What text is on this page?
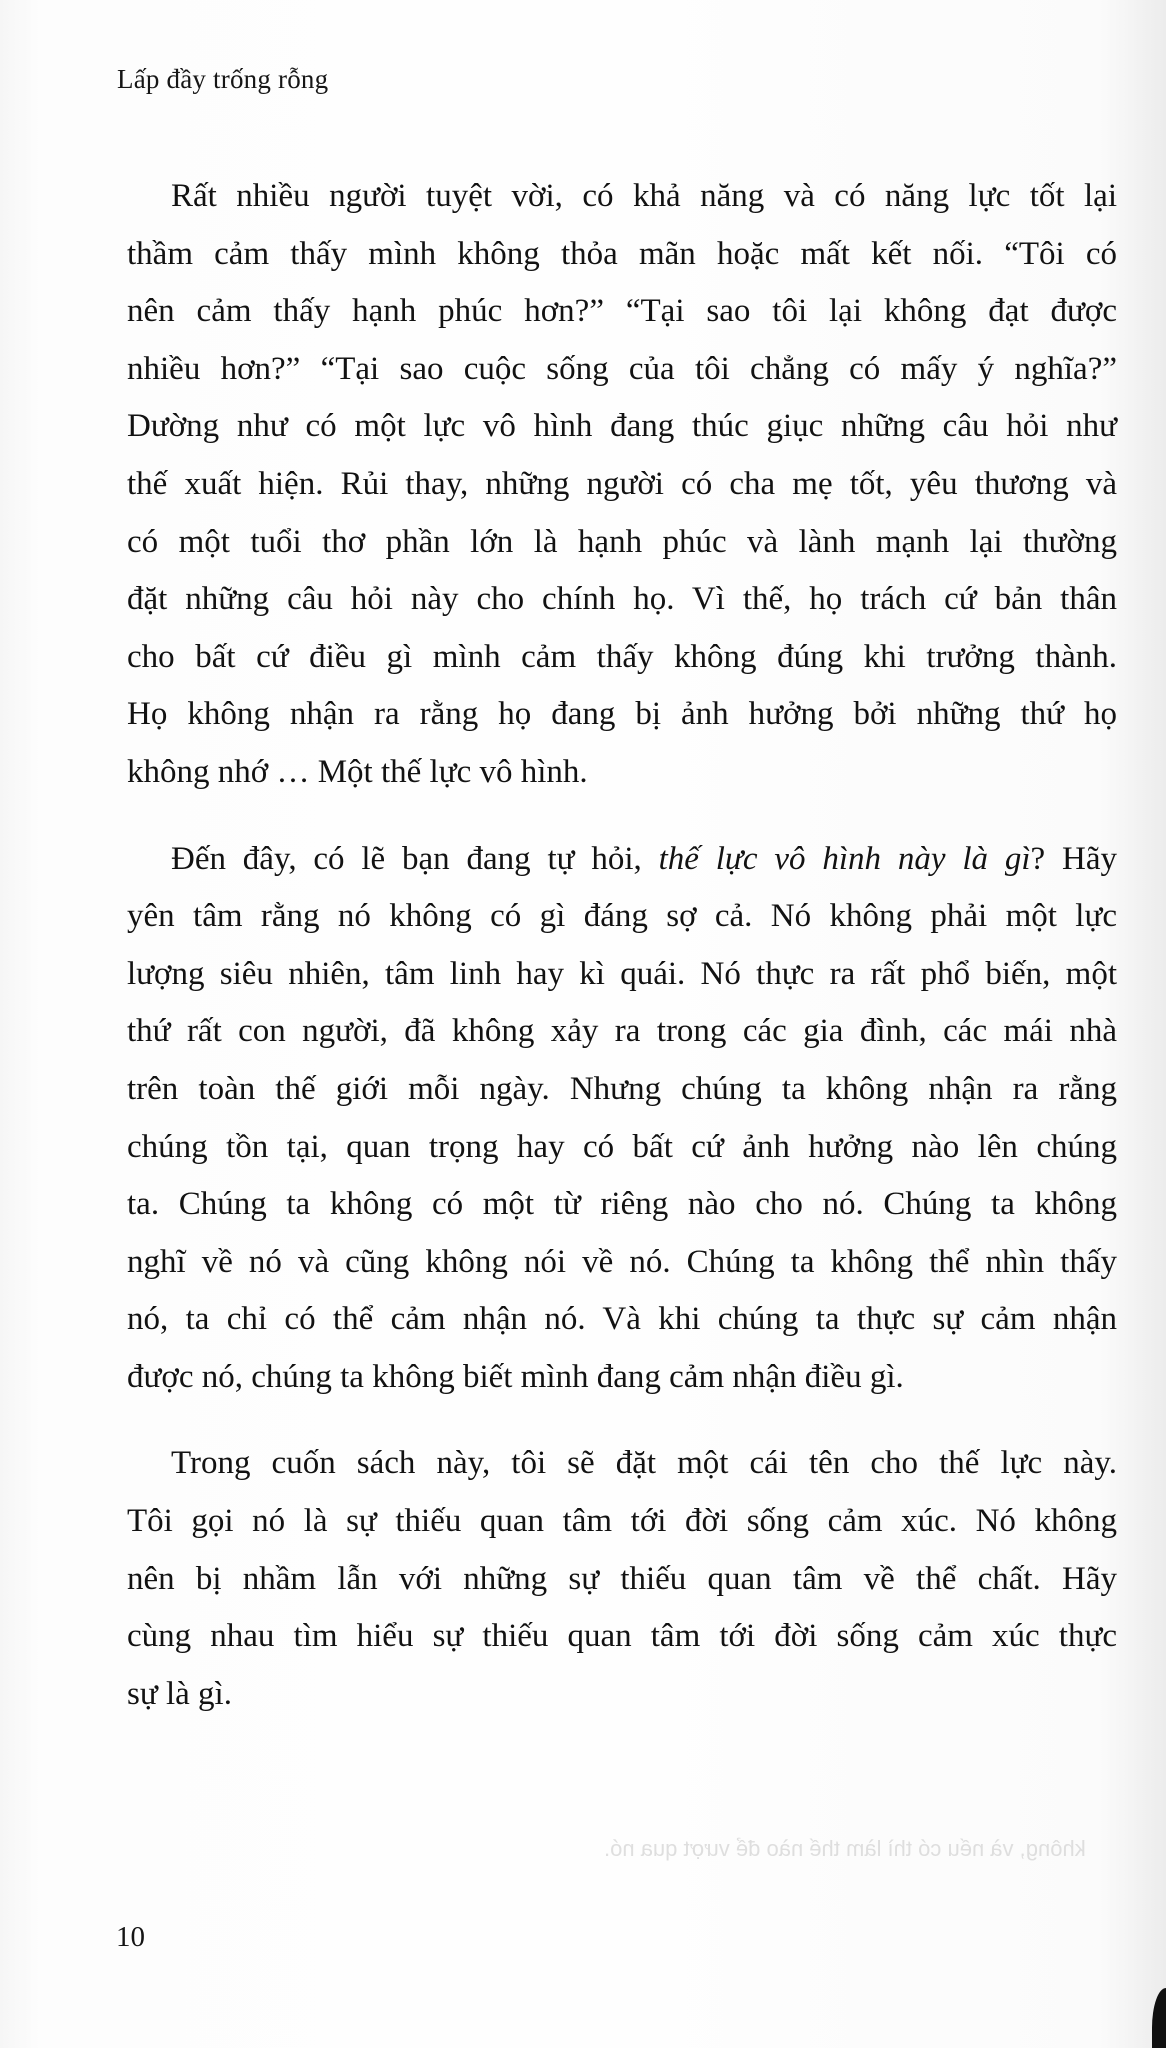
Lấp đầy trống rỗng

Rất nhiều người tuyệt vời, có khả năng và có năng lực tốt lại
thầm cảm thấy mình không thỏa mãn hoặc mất kết nối. “Tôi có
nên cảm thấy hạnh phúc hơn?” “Tại sao tôi lại không đạt được
nhiều hơn?” “Tại sao cuộc sống của tôi chẳng có mấy ý nghĩa?”
Dường như có một lực vô hình đang thúc giục những câu hỏi như
thế xuất hiện. Rủi thay, những người có cha mẹ tốt, yêu thương và
có một tuổi thơ phần lớn là hạnh phúc và lành mạnh lại thường
đặt những câu hỏi này cho chính họ. Vì thế, họ trách cứ bản thân
cho bất cứ điều gì mình cảm thấy không đúng khi trưởng thành.
Họ không nhận ra rằng họ đang bị ảnh hưởng bởi những thứ họ
không nhớ … Một thế lực vô hình.

Đến đây, có lẽ bạn đang tự hỏi, thế lực vô hình này là gì? Hãy
yên tâm rằng nó không có gì đáng sợ cả. Nó không phải một lực
lượng siêu nhiên, tâm linh hay kì quái. Nó thực ra rất phổ biến, một
thứ rất con người, đã không xảy ra trong các gia đình, các mái nhà
trên toàn thế giới mỗi ngày. Nhưng chúng ta không nhận ra rằng
chúng tồn tại, quan trọng hay có bất cứ ảnh hưởng nào lên chúng
ta. Chúng ta không có một từ riêng nào cho nó. Chúng ta không
nghĩ về nó và cũng không nói về nó. Chúng ta không thể nhìn thấy
nó, ta chỉ có thể cảm nhận nó. Và khi chúng ta thực sự cảm nhận
được nó, chúng ta không biết mình đang cảm nhận điều gì.

Trong cuốn sách này, tôi sẽ đặt một cái tên cho thế lực này.
Tôi gọi nó là sự thiếu quan tâm tới đời sống cảm xúc. Nó không
nên bị nhầm lẫn với những sự thiếu quan tâm về thể chất. Hãy
cùng nhau tìm hiểu sự thiếu quan tâm tới đời sống cảm xúc thực
sự là gì.

không, và nếu có thì làm thế nào để vượt qua nó.
10
